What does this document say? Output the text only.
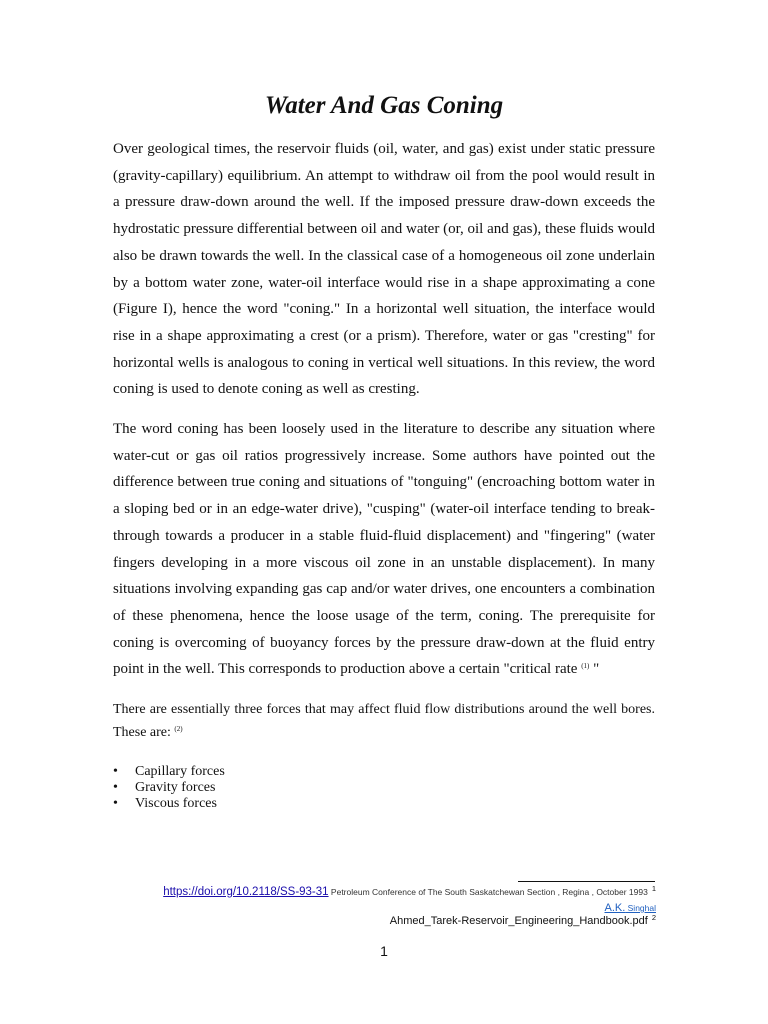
Water And Gas Coning

Over geological times, the reservoir fluids (oil, water, and gas) exist under static pressure (gravity-capillary) equilibrium. An attempt to withdraw oil from the pool would result in a pressure draw-down around the well. If the imposed pressure draw-down exceeds the hydrostatic pressure differential between oil and water (or, oil and gas), these fluids would also be drawn towards the well. In the classical case of a homogeneous oil zone underlain by a bottom water zone, water-oil interface would rise in a shape approximating a cone (Figure I), hence the word "coning." In a horizontal well situation, the interface would rise in a shape approximating a crest (or a prism). Therefore, water or gas "cresting" for horizontal wells is analogous to coning in vertical well situations. In this review, the word coning is used to denote coning as well as cresting.

The word coning has been loosely used in the literature to describe any situation where water-cut or gas oil ratios progressively increase. Some authors have pointed out the difference between true coning and situations of "tonguing" (encroaching bottom water in a sloping bed or in an edge-water drive), "cusping" (water-oil interface tending to break-through towards a producer in a stable fluid-fluid displacement) and "fingering" (water fingers developing in a more viscous oil zone in an unstable displacement). In many situations involving expanding gas cap and/or water drives, one encounters a combination of these phenomena, hence the loose usage of the term, coning. The prerequisite for coning is overcoming of buoyancy forces by the pressure draw-down at the fluid entry point in the well. This corresponds to production above a certain "critical rate $^{(1)}$ "

There are essentially three forces that may affect fluid flow distributions around the well bores. These are: $^{(2)}$

• Capillary forces
• Gravity forces
• Viscous forces
https://doi.org/10.2118/SS-93-31 Petroleum Conference of The South Saskatchewan Section , Regina , October 1993 1
A.K. Singhal
Ahmed_Tarek-Reservoir_Engineering_Handbook.pdf $^2$
1
